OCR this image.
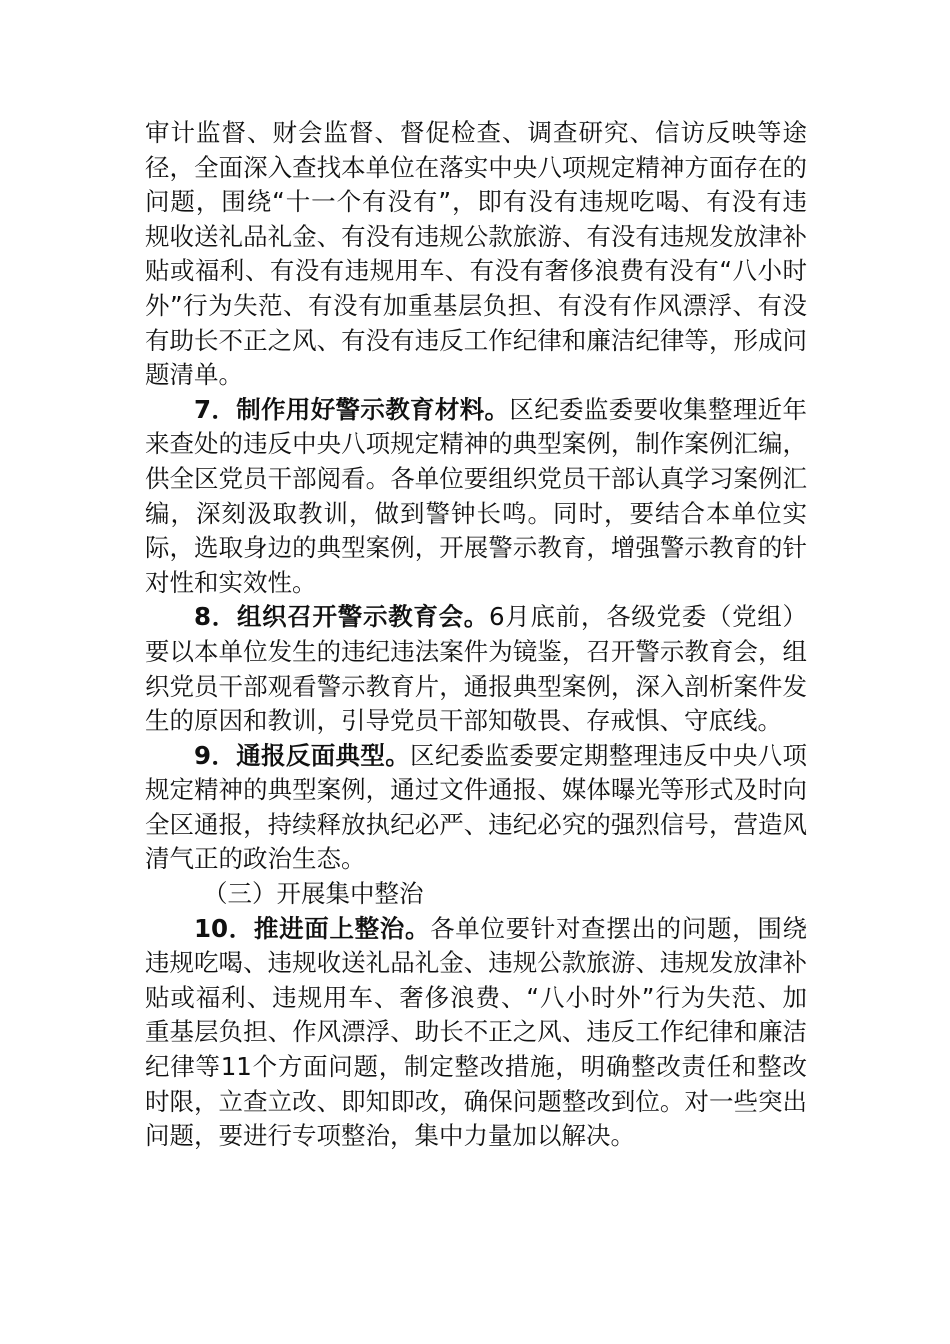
审计监督、财会监督、督促检查、调查研究、信访反映等途径，全面深入查找本单位在落实中央八项规定精神方面存在的问题，围绕“十一个有没有”，即有没有违规吃喝、有没有违规收送礼品礼金、有没有违规公款旅游、有没有违规发放津补贴或福利、有没有违规用车、有没有奢侈浪费有没有“八小时外”行为失范、有没有加重基层负担、有没有作风漂浮、有没有助长不正之风、有没有违反工作纪律和廉洁纪律等，形成问题清单。

7．制作用好警示教育材料。区纪委监委要收集整理近年来查处的违反中央八项规定精神的典型案例，制作案例汇编，供全区党员干部阅看。各单位要组织党员干部认真学习案例汇编，深刻汲取教训，做到警钟长鸣。同时，要结合本单位实际，选取身边的典型案例，开展警示教育，增强警示教育的针对性和实效性。

8．组织召开警示教育会。6月底前，各级党委（党组）要以本单位发生的违纪违法案件为镜鉴，召开警示教育会，组织党员干部观看警示教育片，通报典型案例，深入剖析案件发生的原因和教训，引导党员干部知敬畏、存戒惧、守底线。

9．通报反面典型。区纪委监委要定期整理违反中央八项规定精神的典型案例，通过文件通报、媒体曝光等形式及时向全区通报，持续释放执纪必严、违纪必究的强烈信号，营造风清气正的政治生态。

（三）开展集中整治

10．推进面上整治。各单位要针对查摆出的问题，围绕违规吃喝、违规收送礼品礼金、违规公款旅游、违规发放津补贴或福利、违规用车、奢侈浪费、“八小时外”行为失范、加重基层负担、作风漂浮、助长不正之风、违反工作纪律和廉洁纪律等11个方面问题，制定整改措施，明确整改责任和整改时限，立查立改、即知即改，确保问题整改到位。对一些突出问题，要进行专项整治，集中力量加以解决。
